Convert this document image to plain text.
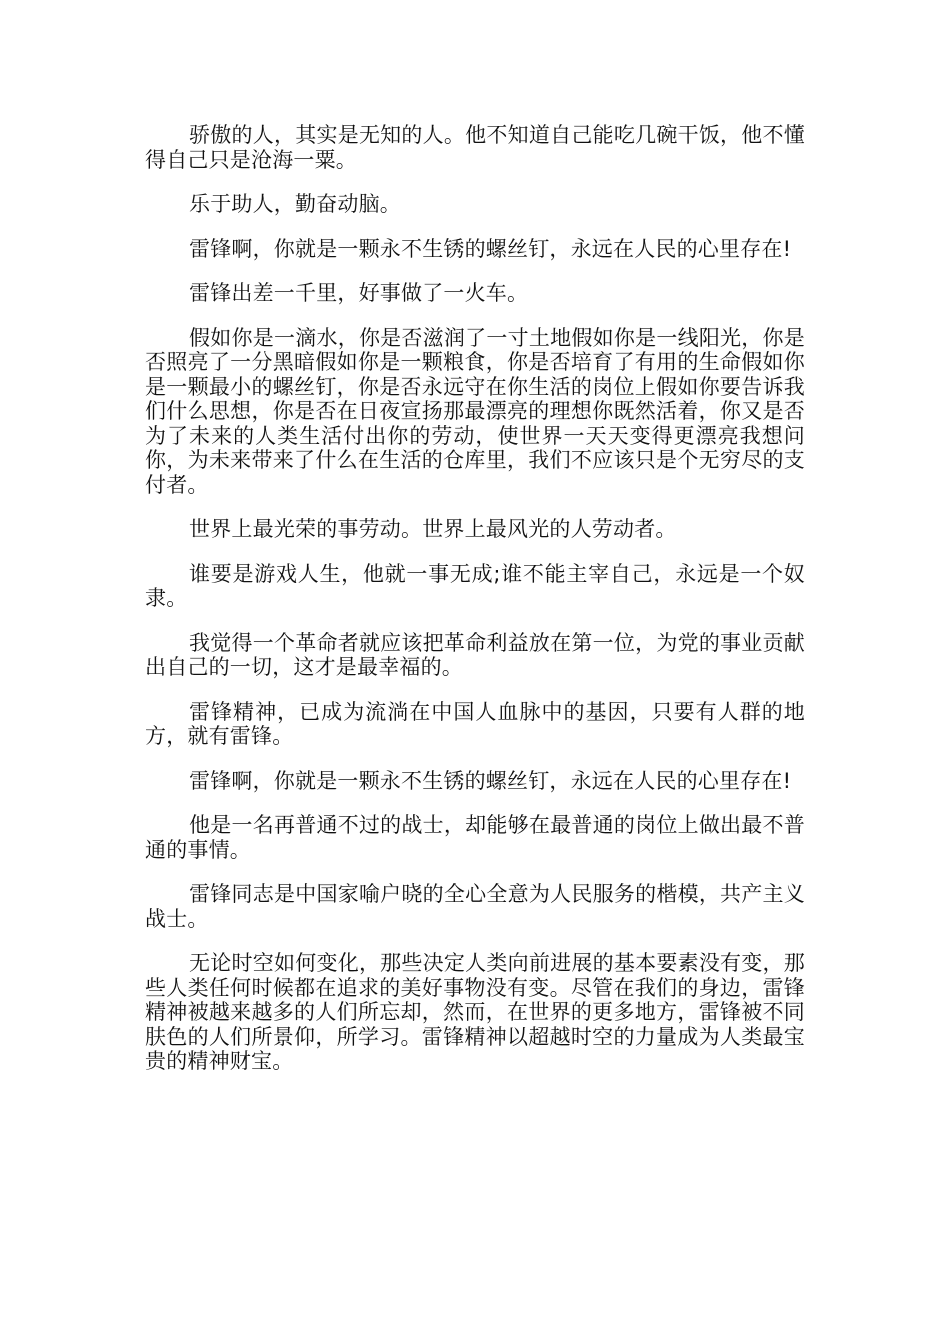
骄傲的人，其实是无知的人。他不知道自己能吃几碗干饭，他不懂得自己只是沧海一粟。

乐于助人，勤奋动脑。

雷锋啊，你就是一颗永不生锈的螺丝钉，永远在人民的心里存在!

雷锋出差一千里，好事做了一火车。

假如你是一滴水，你是否滋润了一寸土地假如你是一线阳光，你是否照亮了一分黑暗假如你是一颗粮食，你是否培育了有用的生命假如你是一颗最小的螺丝钉，你是否永远守在你生活的岗位上假如你要告诉我们什么思想，你是否在日夜宣扬那最漂亮的理想你既然活着，你又是否为了未来的人类生活付出你的劳动，使世界一天天变得更漂亮我想问你，为未来带来了什么在生活的仓库里，我们不应该只是个无穷尽的支付者。

世界上最光荣的事劳动。世界上最风光的人劳动者。

谁要是游戏人生，他就一事无成;谁不能主宰自己，永远是一个奴隶。

我觉得一个革命者就应该把革命利益放在第一位，为党的事业贡献出自己的一切，这才是最幸福的。

雷锋精神，已成为流淌在中国人血脉中的基因，只要有人群的地方，就有雷锋。

雷锋啊，你就是一颗永不生锈的螺丝钉，永远在人民的心里存在!

他是一名再普通不过的战士，却能够在最普通的岗位上做出最不普通的事情。

雷锋同志是中国家喻户晓的全心全意为人民服务的楷模，共产主义战士。

无论时空如何变化，那些决定人类向前进展的基本要素没有变，那些人类任何时候都在追求的美好事物没有变。尽管在我们的身边，雷锋精神被越来越多的人们所忘却，然而，在世界的更多地方，雷锋被不同肤色的人们所景仰，所学习。雷锋精神以超越时空的力量成为人类最宝贵的精神财宝。
